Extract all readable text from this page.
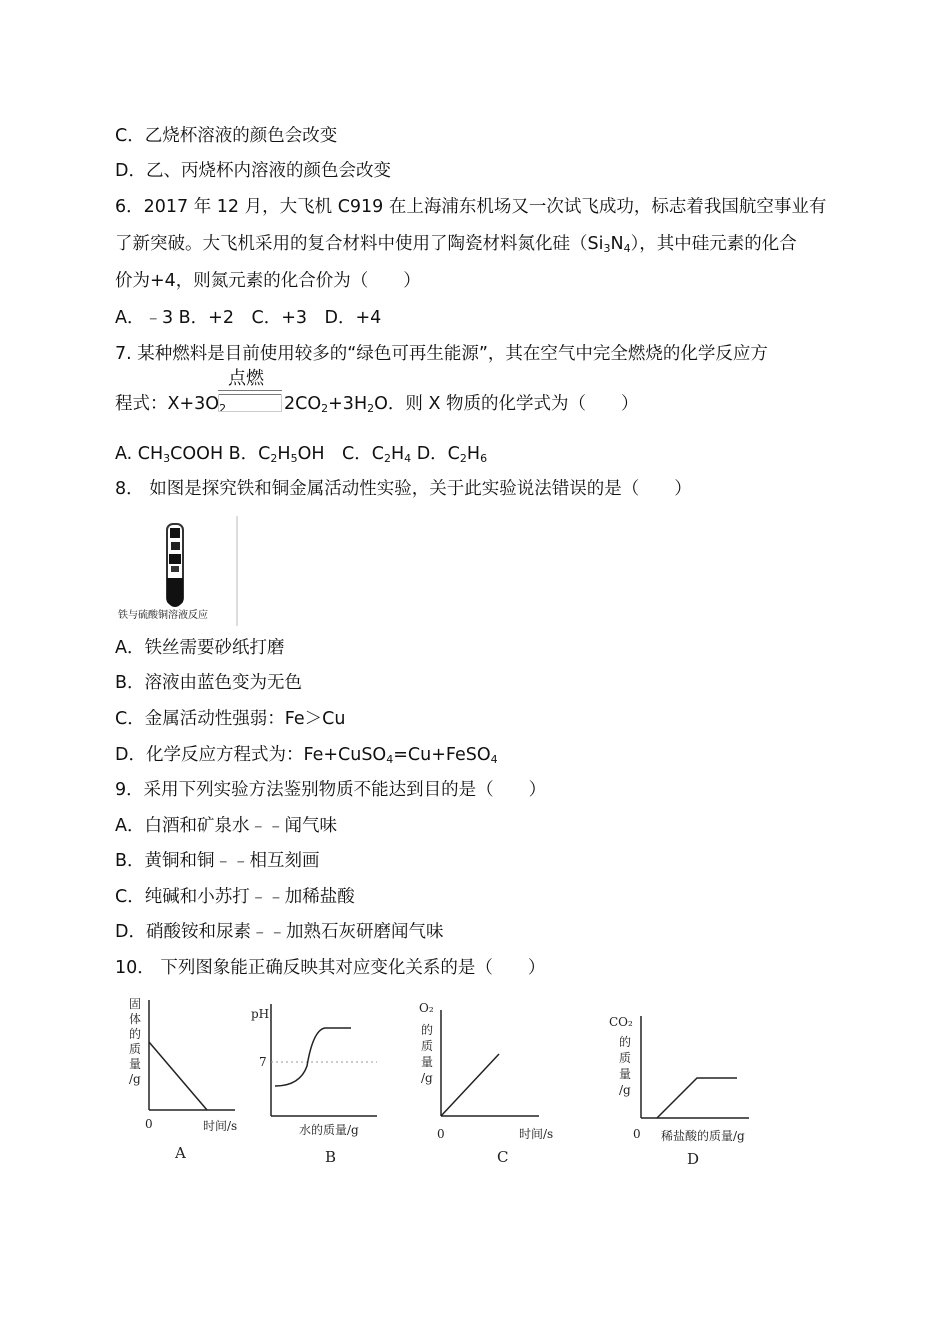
C．乙烧杯溶液的颜色会改变
D．乙、丙烧杯内溶液的颜色会改变
6．2017 年 12 月，大飞机 C919 在上海浦东机场又一次试飞成功，标志着我国航空事业有
了新突破。大飞机采用的复合材料中使用了陶瓷材料氮化硅$(Si_3N_4)$，其中硅元素的化合
价为+4，则氮元素的化合价为（　　）
A．﹣3 B．+2　C．+3　D．+4
7. 某种燃料是目前使用较多的“绿色可再生能源”，其在空气中完全燃烧的化学反应方
程式：$X+3O_2$
点燃
$2CO_2+3H_2O$．则 X 物质的化学式为（　　）
A. $CH_3COOH$ B．$C_2H_5OH$　C．$C_2H_4$ D．$C_2H_6$
8． 如图是探究铁和铜金属活动性实验，关于此实验说法错误的是（　　）
铁与硫酸铜溶液反应
A．铁丝需要砂纸打磨
B．溶液由蓝色变为无色
C．金属活动性强弱：Fe＞Cu
D．化学反应方程式为：Fe+CuSO$_4$=Cu+FeSO$_4$
9．采用下列实验方法鉴别物质不能达到目的是（　　）
A．白酒和矿泉水﹣﹣闻气味
B．黄铜和铜﹣﹣相互刻画
C．纯碱和小苏打﹣﹣加稀盐酸
D．硝酸铵和尿素﹣﹣加熟石灰研磨闻气味
10． 下列图象能正确反映其对应变化关系的是（　　）
固
体
的
质
量
/g
0	时间/s
A
pH
7
水的质量/g
B
O₂
的
质
量
/g
0	时间/s
C
CO₂
的
质
量
/g
0 稀盐酸的质量/g
D
